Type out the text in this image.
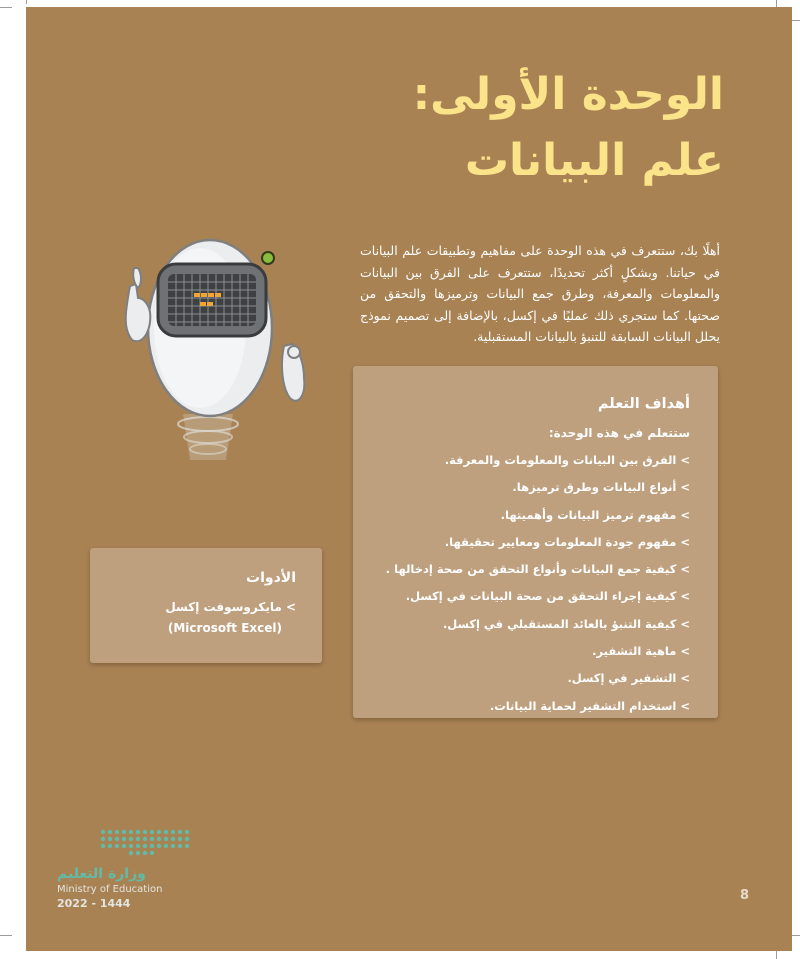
الوحدة الأولى:
علم البيانات

أهلًا بك، ستتعرف في هذه الوحدة على مفاهيم وتطبيقات علم البيانات في حياتنا. وبشكلٍ أكثر تحديدًا، ستتعرف على الفرق بين البيانات والمعلومات والمعرفة، وطرق جمع البيانات وترميزها والتحقق من صحتها. كما ستجري ذلك عمليًا في إكسل، بالإضافة إلى تصميم نموذج يحلل البيانات السابقة للتنبؤ بالبيانات المستقبلية.

أهداف التعلم
ستتعلم في هذه الوحدة:
> الفرق بين البيانات والمعلومات والمعرفة.
> أنواع البيانات وطرق ترميزها.
> مفهوم ترميز البيانات وأهميتها.
> مفهوم جودة المعلومات ومعايير تحقيقها.
> كيفية جمع البيانات وأنواع التحقق من صحة إدخالها .
> كيفية إجراء التحقق من صحة البيانات في إكسل.
> كيفية التنبؤ بالعائد المستقبلي في إكسل.
> ماهية التشفير.
> التشفير في إكسل.
> استخدام التشفير لحماية البيانات.
الأدوات
> مايكروسوفت إكسل
(Microsoft Excel)
وزارة التعليم
Ministry of Education
2022 - 1444
8
